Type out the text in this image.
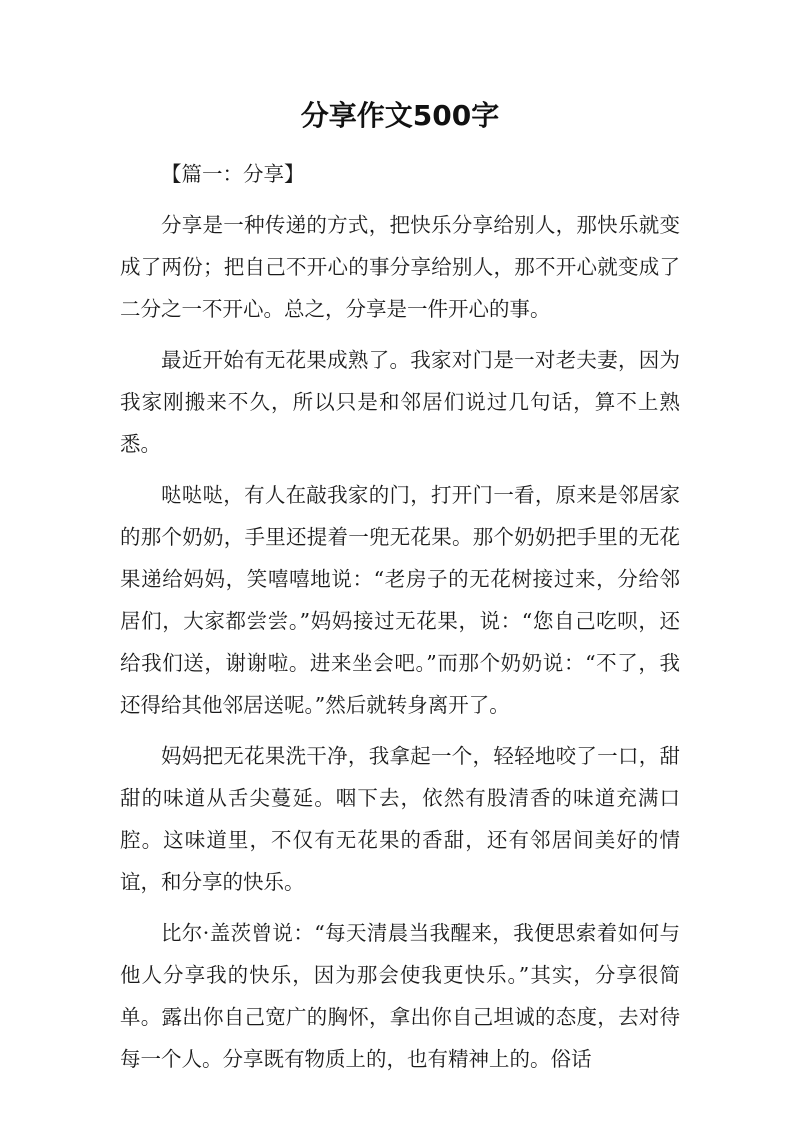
分享作文500字

【篇一：分享】

分享是一种传递的方式，把快乐分享给别人，那快乐就变成了两份；把自己不开心的事分享给别人，那不开心就变成了二分之一不开心。总之，分享是一件开心的事。

最近开始有无花果成熟了。我家对门是一对老夫妻，因为我家刚搬来不久，所以只是和邻居们说过几句话，算不上熟悉。

哒哒哒，有人在敲我家的门，打开门一看，原来是邻居家的那个奶奶，手里还提着一兜无花果。那个奶奶把手里的无花果递给妈妈，笑嘻嘻地说：“老房子的无花树接过来，分给邻居们，大家都尝尝。”妈妈接过无花果，说：“您自己吃呗，还给我们送，谢谢啦。进来坐会吧。”而那个奶奶说：“不了，我还得给其他邻居送呢。”然后就转身离开了。

妈妈把无花果洗干净，我拿起一个，轻轻地咬了一口，甜甜的味道从舌尖蔓延。咽下去，依然有股清香的味道充满口腔。这味道里，不仅有无花果的香甜，还有邻居间美好的情谊，和分享的快乐。

比尔·盖茨曾说：“每天清晨当我醒来，我便思索着如何与他人分享我的快乐，因为那会使我更快乐。”其实，分享很简单。露出你自己宽广的胸怀，拿出你自己坦诚的态度，去对待每一个人。分享既有物质上的，也有精神上的。俗话
